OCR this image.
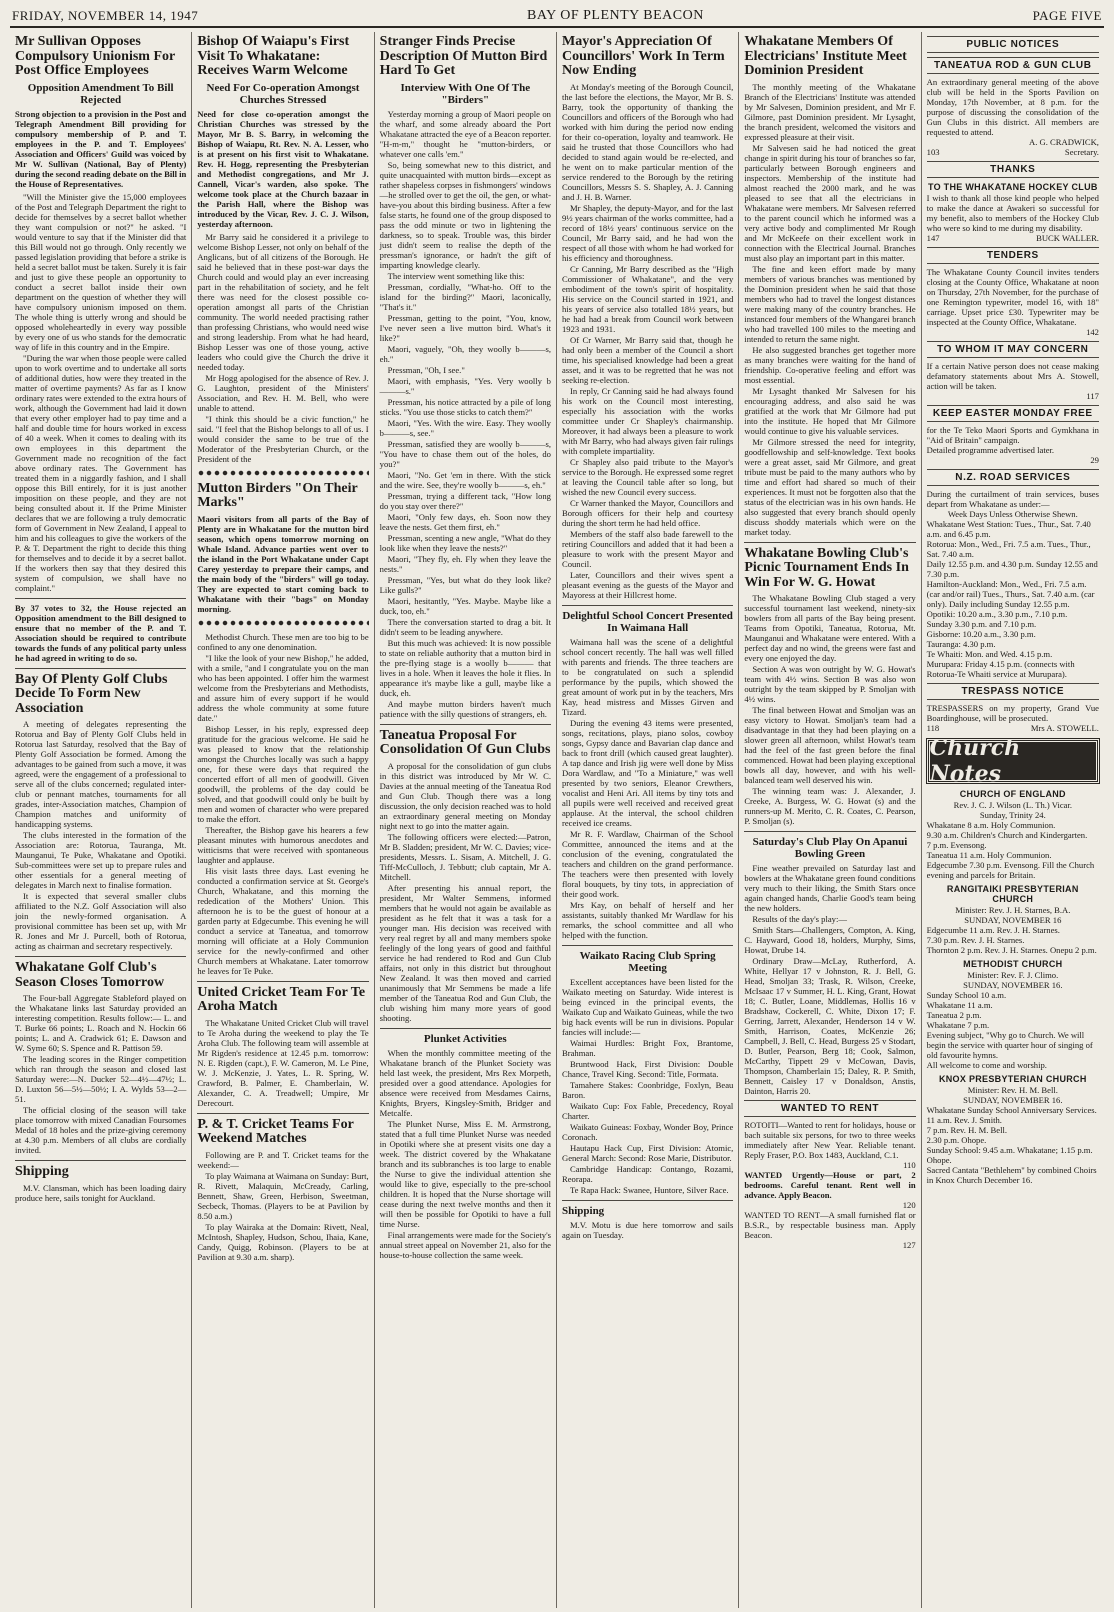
FRIDAY, NOVEMBER 14, 1947	BAY OF PLENTY BEACON	PAGE FIVE
Mr Sullivan Opposes Compulsory Unionism For Post Office Employees
Opposition Amendment To Bill Rejected
Strong objection to a provision in the Post and Telegraph Amendment Bill providing for compulsory membership of P. and T. employees in the P. and T. Employees' Association and Officers' Guild was voiced by Mr W. Sullivan (National, Bay of Plenty) during the second reading debate on the Bill in the House of Representatives.
"Will the Minister give the 15,000 employees of the Post and Telegraph Department the right to decide for themselves by a secret ballot whether they want compulsion or not?" he asked. "I would venture to say that if the Minister did that this Bill would not go through. Only recently we passed legislation providing that before a strike is held a secret ballot must be taken. Surely it is fair and just to give these people an opportunity to conduct a secret ballot inside their own department on the question of whether they will have compulsory unionism imposed on them. The whole thing is utterly wrong and should be opposed wholeheartedly in every way possible by every one of us who stands for the democratic way of life in this country and in the Empire.
"During the war when those people were called upon to work overtime and to undertake all sorts of additional duties, how were they treated in the matter of overtime payments? As far as I know ordinary rates were extended to the extra hours of work, although the Government had laid it down that every other employer had to pay time and a half and double time for hours worked in excess of 40 a week. When it comes to dealing with its own employees in this department the Government made no recognition of the fact above ordinary rates. The Government has treated them in a niggardly fashion, and I shall oppose this Bill entirely, for it is just another imposition on these people, and they are not being consulted about it. If the Prime Minister declares that we are following a truly democratic form of Government in New Zealand, I appeal to him and his colleagues to give the workers of the P. & T. Department the right to decide this thing for themselves and to decide it by a secret ballot. If the workers then say that they desired this system of compulsion, we shall have no complaint."
By 37 votes to 32, the House rejected an Opposition amendment to the Bill designed to ensure that no member of the P. and T. Association should be required to contribute towards the funds of any political party unless he had agreed in writing to do so.
Bay Of Plenty Golf Clubs Decide To Form New Association
A meeting of delegates representing the Rotorua and Bay of Plenty Golf Clubs held in Rotorua last Saturday, resolved that the Bay of Plenty Golf Association be formed. Among the advantages to be gained from such a move, it was agreed, were the engagement of a professional to serve all of the clubs concerned; regulated inter-club or pennant matches, tournaments for all grades, inter-Association matches, Champion of Champion matches and uniformity of handicapping systems.
The clubs interested in the formation of the Association are: Rotorua, Tauranga, Mt. Maunganui, Te Puke, Whakatane and Opotiki. Sub-committees were set up to prepare rules and other essentials for a general meeting of delegates in March next to finalise formation.
It is expected that several smaller clubs affiliated to the N.Z. Golf Association will also join the newly-formed organisation. A provisional committee has been set up, with Mr R. Jones and Mr J. Purcell, both of Rotorua, acting as chairman and secretary respectively.
Whakatane Golf Club's Season Closes Tomorrow
The Four-ball Aggregate Stableford played on the Whakatane links last Saturday provided an interesting competition. Results follow:— L. and T. Burke 66 points; L. Roach and N. Hockin 66 points; L. and A. Cradwick 61; E. Dawson and W. Syme 60; S. Spence and R. Pattison 59.
The leading scores in the Ringer competition which ran through the season and closed last Saturday were:—N. Ducker 52—4½—47½; L. D. Luxton 56—5½—50½; I. A. Wylds 53—2—51.
The official closing of the season will take place tomorrow with mixed Canadian Foursomes Medal of 18 holes and the prize-giving ceremony at 4.30 p.m. Members of all clubs are cordially invited.
Shipping
M.V. Clansman, which has been loading dairy produce here, sails tonight for Auckland.
Bishop Of Waiapu's First Visit To Whakatane: Receives Warm Welcome
Need For Co-operation Amongst Churches Stressed
Need for close co-operation amongst the Christian Churches was stressed by the Mayor, Mr B. S. Barry, in welcoming the Bishop of Waiapu, Rt. Rev. N. A. Lesser, who is at present on his first visit to Whakatane. Rev. H. Hogg, representing the Presbyterian and Methodist congregations, and Mr J. Cannell, Vicar's warden, also spoke. The welcome took place at the Church bazaar in the Parish Hall, where the Bishop was introduced by the Vicar, Rev. J. C. J. Wilson, yesterday afternoon.
Mr Barry said he considered it a privilege to welcome Bishop Lesser, not only on behalf of the Anglicans, but of all citizens of the Borough. He said he believed that in these post-war days the Church could and would play an ever increasing part in the rehabilitation of society, and he felt there was need for the closest possible co-operation amongst all parts of the Christian community. The world needed practising rather than professing Christians, who would need wise and strong leadership. From what he had heard, Bishop Lesser was one of those young, active leaders who could give the Church the drive it needed today.
Mr Hogg apologised for the absence of Rev. J. G. Laughton, president of the Ministers' Association, and Rev. H. M. Bell, who were unable to attend.
"I think this should be a civic function," he said. "I feel that the Bishop belongs to all of us. I would consider the same to be true of the Moderator of the Presbyterian Church, or the President of the
Mutton Birders "On Their Marks"
Maori visitors from all parts of the Bay of Plenty are in Whakatane for the mutton bird season, which opens tomorrow morning on Whale Island. Advance parties went over to the island in the Port Whakatane under Capt Carey yesterday to prepare their camps, and the main body of the "birders" will go today. They are expected to start coming back to Whakatane with their "bags" on Monday morning.
Methodist Church. These men are too big to be confined to any one denomination.
"I like the look of your new Bishop," he added, with a smile, "and I congratulate you on the man who has been appointed. I offer him the warmest welcome from the Presbyterians and Methodists, and assure him of every support if he would address the whole community at some future date."
Bishop Lesser, in his reply, expressed deep gratitude for the gracious welcome. He said he was pleased to know that the relationship amongst the Churches locally was such a happy one, for these were days that required the concerted effort of all men of goodwill. Given goodwill, the problems of the day could be solved, and that goodwill could only be built by men and women of character who were prepared to make the effort.
Thereafter, the Bishop gave his hearers a few pleasant minutes with humorous anecdotes and witticisms that were received with spontaneous laughter and applause.
His visit lasts three days. Last evening he conducted a confirmation service at St. George's Church, Whakatane, and this morning the rededication of the Mothers' Union. This afternoon he is to be the guest of honour at a garden party at Edgecumbe. This evening he will conduct a service at Taneatua, and tomorrow morning will officiate at a Holy Communion service for the newly-confirmed and other Church members at Whakatane. Later tomorrow he leaves for Te Puke.
United Cricket Team For Te Aroha Match
The Whakatane United Cricket Club will travel to Te Aroha during the weekend to play the Te Aroha Club. The following team will assemble at Mr Rigden's residence at 12.45 p.m. tomorrow: N. E. Rigden (capt.), F. W. Cameron, M. Le Pine, W. J. McKenzie, J. Yates, L. R. Spring, W. Crawford, B. Palmer, E. Chamberlain, W. Alexander, C. A. Treadwell; Umpire, Mr Derecourt.
P. & T. Cricket Teams For Weekend Matches
Following are P. and T. Cricket teams for the weekend:—
To play Waimana at Waimana on Sunday: Burt, R. Rivett, Malaquin, McCready, Carling, Bennett, Shaw, Green, Herbison, Sweetman, Secbeck, Thomas. (Players to be at Pavilion by 8.50 a.m.)
To play Wairaka at the Domain: Rivett, Neal, McIntosh, Shapley, Hudson, Schou, Ihaia, Kane, Candy, Quigg, Robinson. (Players to be at Pavilion at 9.30 a.m. sharp).
Stranger Finds Precise Description Of Mutton Bird Hard To Get
Interview With One Of The "Birders"
Yesterday morning a group of Maori people on the wharf, and some already aboard the Port Whakatane attracted the eye of a Beacon reporter. "H-m-m," thought he "mutton-birders, or whatever one calls 'em."
So, being somewhat new to this district, and quite unacquainted with mutton birds—except as rather shapeless corpses in fishmongers' windows—he strolled over to get the oil, the gen, or what-have-you about this birding business. After a few false starts, he found one of the group disposed to pass the odd minute or two in lightening the darkness, so to speak. Trouble was, this birder just didn't seem to realise the depth of the pressman's ignorance, or hadn't the gift of imparting knowledge clearly.
The interview went something like this:
Pressman, cordially, "What-ho. Off to the island for the birding?" Maori, laconically, "That's it."
Pressman, getting to the point, "You, know, I've never seen a live mutton bird. What's it like?"
Maori, vaguely, "Oh, they woolly b———s, eh."
Pressman, "Oh, I see."
Maori, with emphasis, "Yes. Very woolly b———s."
Pressman, his notice attracted by a pile of long sticks. "You use those sticks to catch them?"
Maori, "Yes. With the wire. Easy. They woolly b———s, see."
Pressman, satisfied they are woolly b———s, "You have to chase them out of the holes, do you?"
Maori, "No. Get 'em in there. With the stick and the wire. See, they're woolly b———s, eh."
Pressman, trying a different tack, "How long do you stay over there?"
Maori, "Only few days, eh. Soon now they leave the nests. Get them first, eh."
Pressman, scenting a new angle, "What do they look like when they leave the nests?"
Maori, "They fly, eh. Fly when they leave the nests."
Pressman, "Yes, but what do they look like? Like gulls?"
Maori, hesitantly, "Yes. Maybe. Maybe like a duck, too, eh."
There the conversation started to drag a bit. It didn't seem to be leading anywhere.
But this much was achieved: It is now possible to state on reliable authority that a mutton bird in the pre-flying stage is a woolly b——— that lives in a hole. When it leaves the hole it flies. In appearance it's maybe like a gull, maybe like a duck, eh.
And maybe mutton birders haven't much patience with the silly questions of strangers, eh.
Taneatua Proposal For Consolidation Of Gun Clubs
A proposal for the consolidation of gun clubs in this district was introduced by Mr W. C. Davies at the annual meeting of the Taneatua Rod and Gun Club. Though there was a long discussion, the only decision reached was to hold an extraordinary general meeting on Monday night next to go into the matter again.
The following officers were elected:—Patron, Mr B. Sladden; president, Mr W. C. Davies; vice-presidents, Messrs. L. Sisam, A. Mitchell, J. G. Tiff-McCulloch, J. Tebbutt; club captain, Mr A. Mitchell.
After presenting his annual report, the president, Mr Walter Semmens, informed members that he would not again be available as president as he felt that it was a task for a younger man. His decision was received with very real regret by all and many members spoke feelingly of the long years of good and faithful service he had rendered to Rod and Gun Club affairs, not only in this district but throughout New Zealand. It was then moved and carried unanimously that Mr Semmens be made a life member of the Taneatua Rod and Gun Club, the club wishing him many more years of good shooting.
Plunket Activities
When the monthly committee meeting of the Whakatane branch of the Plunket Society was held last week, the president, Mrs Rex Morpeth, presided over a good attendance. Apologies for absence were received from Mesdames Cairns, Knights, Bryers, Kingsley-Smith, Bridger and Metcalfe.
The Plunket Nurse, Miss E. M. Armstrong, stated that a full time Plunket Nurse was needed in Opotiki where she at present visits one day a week. The district covered by the Whakatane branch and its subbranches is too large to enable the Nurse to give the individual attention she would like to give, especially to the pre-school children. It is hoped that the Nurse shortage will cease during the next twelve months and then it will then be possible for Opotiki to have a full time Nurse.
Final arrangements were made for the Society's annual street appeal on November 21, also for the house-to-house collection the same week.
Mayor's Appreciation Of Councillors' Work In Term Now Ending
At Monday's meeting of the Borough Council, the last before the elections, the Mayor, Mr B. S. Barry, took the opportunity of thanking the Councillors and officers of the Borough who had worked with him during the period now ending for their co-operation, loyalty and teamwork. He said he trusted that those Councillors who had decided to stand again would be re-elected, and he went on to make particular mention of the service rendered to the Borough by the retiring Councillors, Messrs S. S. Shapley, A. J. Canning and J. H. B. Warner.
Mr Shapley, the deputy-Mayor, and for the last 9½ years chairman of the works committee, had a record of 18½ years' continuous service on the Council, Mr Barry said, and he had won the respect of all those with whom he had worked for his efficiency and thoroughness.
Cr Canning, Mr Barry described as the "High Commissioner of Whakatane", and the very embodiment of the town's spirit of hospitality. His service on the Council started in 1921, and his years of service also totalled 18½ years, but he had had a break from Council work between 1923 and 1931.
Of Cr Warner, Mr Barry said that, though he had only been a member of the Council a short time, his specialised knowledge had been a great asset, and it was to be regretted that he was not seeking re-election.
In reply, Cr Canning said he had always found his work on the Council most interesting, especially his association with the works committee under Cr Shapley's chairmanship. Moreover, it had always been a pleasure to work with Mr Barry, who had always given fair rulings with complete impartiality.
Cr Shapley also paid tribute to the Mayor's service to the Borough. He expressed some regret at leaving the Council table after so long, but wished the new Council every success.
Cr Warner thanked the Mayor, Councillors and Borough officers for their help and courtesy during the short term he had held office.
Members of the staff also bade farewell to the retiring Councillors and added that it had been a pleasure to work with the present Mayor and Council.
Later, Councillors and their wives spent a pleasant evening as the guests of the Mayor and Mayoress at their Hillcrest home.
Delightful School Concert Presented In Waimana Hall
Waimana hall was the scene of a delightful school concert recently. The hall was well filled with parents and friends. The three teachers are to be congratulated on such a splendid performance by the pupils, which showed the great amount of work put in by the teachers, Mrs Kay, head mistress and Misses Girven and Tizard.
During the evening 43 items were presented, songs, recitations, plays, piano solos, cowboy songs, Gypsy dance and Bavarian clap dance and back to front drill (which caused great laughter). A tap dance and Irish jig were well done by Miss Dora Wardlaw, and "To a Miniature," was well presented by two seniors, Eleanor Crewthers, vocalist and Heni Ari. All items by tiny tots and all pupils were well received and received great applause. At the interval, the school children received ice creams.
Mr R. F. Wardlaw, Chairman of the School Committee, announced the items and at the conclusion of the evening, congratulated the teachers and children on the grand performance. The teachers were then presented with lovely floral bouquets, by tiny tots, in appreciation of their good work.
Mrs Kay, on behalf of herself and her assistants, suitably thanked Mr Wardlaw for his remarks, the school committee and all who helped with the function.
Waikato Racing Club Spring Meeting
Excellent acceptances have been listed for the Waikato meeting on Saturday. Wide interest is being evinced in the principal events, the Waikato Cup and Waikato Guineas, while the two big hack events will be run in divisions. Popular fancies will include:—
Waimai Hurdles: Bright Fox, Brantome, Brahman.
Bruntwood Hack, First Division: Double Chance, Travel King. Second: Title, Formata.
Tamahere Stakes: Coonbridge, Foxlyn, Beau Baron.
Waikato Cup: Fox Fable, Precedency, Royal Charter.
Waikato Guineas: Foxbay, Wonder Boy, Prince Coronach.
Hautapu Hack Cup, First Division: Atomic, General March: Second: Rose Marie, Distributor.
Cambridge Handicap: Contango, Rozami, Reorapa.
Te Rapa Hack: Swanee, Huntore, Silver Race.
Shipping
M.V. Motu is due here tomorrow and sails again on Tuesday.
Whakatane Members Of Electricians' Institute Meet Dominion President
The monthly meeting of the Whakatane Branch of the Electricians' Institute was attended by Mr Salvesen, Dominion president, and Mr F. Gilmore, past Dominion president. Mr Lysaght, the branch president, welcomed the visitors and expressed pleasure at their visit.
Mr Salvesen said he had noticed the great change in spirit during his tour of branches so far, particularly between Borough engineers and inspectors. Membership of the institute had almost reached the 2000 mark, and he was pleased to see that all the electricians in Whakatane were members. Mr Salvesen referred to the parent council which he informed was a very active body and complimented Mr Rough and Mr McKeefe on their excellent work in connection with the Electrical Journal. Branches must also play an important part in this matter.
The fine and keen effort made by many members of various branches was mentioned by the Dominion president when he said that those members who had to travel the longest distances were making many of the country branches. He instanced four members of the Whangarei branch who had travelled 100 miles to the meeting and intended to return the same night.
He also suggested branches get together more as many branches were waiting for the hand of friendship. Co-operative feeling and effort was most essential.
Mr Lysaght thanked Mr Salvesen for his encouraging address, and also said he was gratified at the work that Mr Gilmore had put into the institute. He hoped that Mr Gilmore would continue to give his valuable services.
Mr Gilmore stressed the need for integrity, goodfellowship and self-knowledge. Text books were a great asset, said Mr Gilmore, and great tribute must be paid to the many authors who by time and effort had shared so much of their experiences. It must not be forgotten also that the status of the electrician was in his own hands. He also suggested that every branch should openly discuss shoddy materials which were on the market today.
Whakatane Bowling Club's Picnic Tournament Ends In Win For W. G. Howat
The Whakatane Bowling Club staged a very successful tournament last weekend, ninety-six bowlers from all parts of the Bay being present. Teams from Opotiki, Taneatua, Rotorua, Mt. Maunganui and Whakatane were entered. With a perfect day and no wind, the greens were fast and every one enjoyed the day.
Section A was won outright by W. G. Howat's team with 4½ wins. Section B was also won outright by the team skipped by P. Smoljan with 4½ wins.
The final between Howat and Smoljan was an easy victory to Howat. Smoljan's team had a disadvantage in that they had been playing on a slower green all afternoon, whilst Howat's team had the feel of the fast green before the final commenced. Howat had been playing exceptional bowls all day, however, and with his well-balanced team well deserved his win.
The winning team was: J. Alexander, J. Creeke, A. Burgess, W. G. Howat (s) and the runners-up M. Merito, C. R. Coates, C. Pearson, P. Smoljan (s).
Saturday's Club Play On Apanui Bowling Green
Fine weather prevailed on Saturday last and bowlers at the Whakatane green found conditions very much to their liking, the Smith Stars once again changed hands, Charlie Good's team being the new holders.
Results of the day's play:—
Smith Stars—Challengers, Compton, A. King, C. Hayward, Good 18, holders, Murphy, Sims, Howat, Drube 14.
Ordinary Draw—McLay, Rutherford, A. White, Hellyar 17 v Johnston, R. J. Bell, G. Head, Smoljan 33; Trask, R. Wilson, Creeke, McIsaac 17 v Summer, H. L. King, Grant, Howat 18; C. Butler, Loane, Middlemas, Hollis 16 v Bradshaw, Cockerell, C. White, Dixon 17; F. Gerring, Jarrett, Alexander, Henderson 14 v W. Smith, Harrison, Coates, McKenzie 26; Campbell, J. Bell, C. Head, Burgess 25 v Stodart, D. Butler, Pearson, Berg 18; Cook, Salmon, McCarthy, Tippett 29 v McCowan, Davis, Thompson, Chamberlain 15; Daley, R. P. Smith, Bennett, Caisley 17 v Donaldson, Anstis, Dainton, Harris 20.
WANTED TO RENT
ROTOITI—Wanted to rent for holidays, house or bach suitable six persons, for two to three weeks immediately after New Year. Reliable tenant. Reply Fraser, P.O. Box 1483, Auckland, C.1.
110
WANTED Urgently—House or part, 2 bedrooms. Careful tenant. Rent well in advance. Apply Beacon.
120
WANTED TO RENT—A small furnished flat or B.S.R., by respectable business man. Apply Beacon.
127
PUBLIC NOTICES
TANEATUA ROD & GUN CLUB
An extraordinary general meeting of the above club will be held in the Sports Pavilion on Monday, 17th November, at 8 p.m. for the purpose of discussing the consolidation of the Gun Clubs in this district. All members are requested to attend.
A. G. CRADWICK,
103	Secretary.
THANKS
TO THE WHAKATANE HOCKEY CLUB
I wish to thank all those kind people who helped to make the dance at Awakeri so successful for my benefit, also to members of the Hockey Club who were so kind to me during my disability.
147	BUCK WALLER.
TENDERS
The Whakatane County Council invites tenders closing at the County Office, Whakatane at noon on Thursday, 27th November, for the purchase of one Remington typewriter, model 16, with 18" carriage. Upset price £30. Typewriter may be inspected at the County Office, Whakatane.
142
TO WHOM IT MAY CONCERN
If a certain Native person does not cease making defamatory statements about Mrs A. Stowell, action will be taken.
117
KEEP EASTER MONDAY FREE
for the Te Teko Maori Sports and Gymkhana in "Aid of Britain" campaign.
Detailed programme advertised later.
29
N.Z. ROAD SERVICES
During the curtailment of train services, buses depart from Whakatane as under:—
Week Days Unless Otherwise Shewn.
Whakatane West Station: Tues., Thur., Sat. 7.40 a.m. and 6.45 p.m.
Rotorua: Mon., Wed., Fri. 7.5 a.m. Tues., Thur., Sat. 7.40 a.m.
Daily 12.55 p.m. and 4.30 p.m. Sunday 12.55 and 7.30 p.m.
Hamilton-Auckland: Mon., Wed., Fri. 7.5 a.m. (car and/or rail) Tues., Thurs., Sat. 7.40 a.m. (car only). Daily including Sunday 12.55 p.m.
Opotiki: 10.20 a.m., 3.30 p.m., 7.10 p.m.
Sunday 3.30 p.m. and 7.10 p.m.
Gisborne: 10.20 a.m., 3.30 p.m.
Tauranga: 4.30 p.m.
Te Whaiti: Mon. and Wed. 4.15 p.m.
Murupara: Friday 4.15 p.m. (connects with Rotorua-Te Whaiti service at Murupara).
TRESPASS NOTICE
TRESPASSERS on my property, Grand Vue Boardinghouse, will be prosecuted.
118	Mrs A. STOWELL.
Church Notes
CHURCH OF ENGLAND
Rev. J. C. J. Wilson (L. Th.) Vicar.
Sunday, Trinity 24.
Whakatane 8 a.m. Holy Communion.
9.30 a.m. Children's Church and Kindergarten.
7 p.m. Evensong.
Taneatua 11 a.m. Holy Communion.
Edgecumbe 7.30 p.m. Evensong. Fill the Church evening and parcels for Britain.
RANGITAIKI PRESBYTERIAN CHURCH
Minister: Rev. J. H. Starnes, B.A.
SUNDAY, NOVEMBER 16
Edgecumbe 11 a.m. Rev. J. H. Starnes.
7.30 p.m. Rev. J. H. Starnes.
Thornton 2 p.m. Rev. J. H. Starnes. Onepu 2 p.m.
METHODIST CHURCH
Minister: Rev. F. J. Climo.
SUNDAY, NOVEMBER 16.
Sunday School 10 a.m.
Whakatane 11 a.m.
Taneatua 2 p.m.
Whakatane 7 p.m.
Evening subject, "Why go to Church. We will begin the service with quarter hour of singing of old favourite hymns.
All welcome to come and worship.
KNOX PRESBYTERIAN CHURCH
Minister: Rev. H. M. Bell.
SUNDAY, NOVEMBER 16.
Whakatane Sunday School Anniversary Services.
11 a.m. Rev. J. Smith.
7 p.m. Rev. H. M. Bell.
2.30 p.m. Ohope.
Sunday School: 9.45 a.m. Whakatane; 1.15 p.m. Ohope.
Sacred Cantata "Bethlehem" by combined Choirs in Knox Church December 16.
